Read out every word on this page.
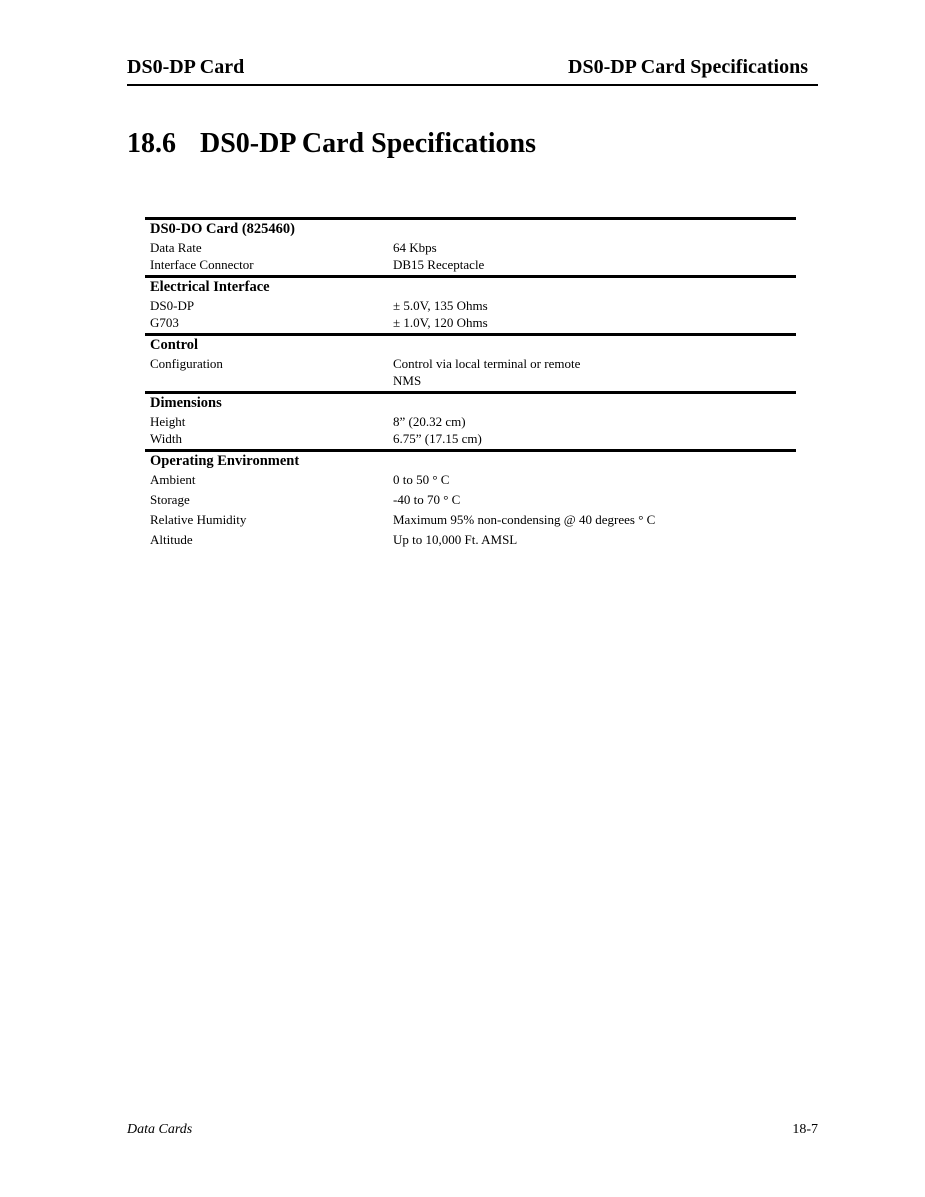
DS0-DP Card	DS0-DP Card Specifications
18.6 DS0-DP Card Specifications
DS0-DO Card (825460)
Data Rate	64 Kbps
Interface Connector	DB15 Receptacle
Electrical Interface
DS0-DP	± 5.0V, 135 Ohms
G703	± 1.0V, 120 Ohms
Control
Configuration	Control via local terminal or remote
NMS
Dimensions
Height	8” (20.32 cm)
Width	6.75” (17.15 cm)
Operating Environment
Ambient	0 to 50 ° C
Storage	-40 to 70 ° C
Relative Humidity	Maximum 95% non-condensing @ 40 degrees ° C
Altitude	Up to 10,000 Ft. AMSL
Data Cards	18-7
